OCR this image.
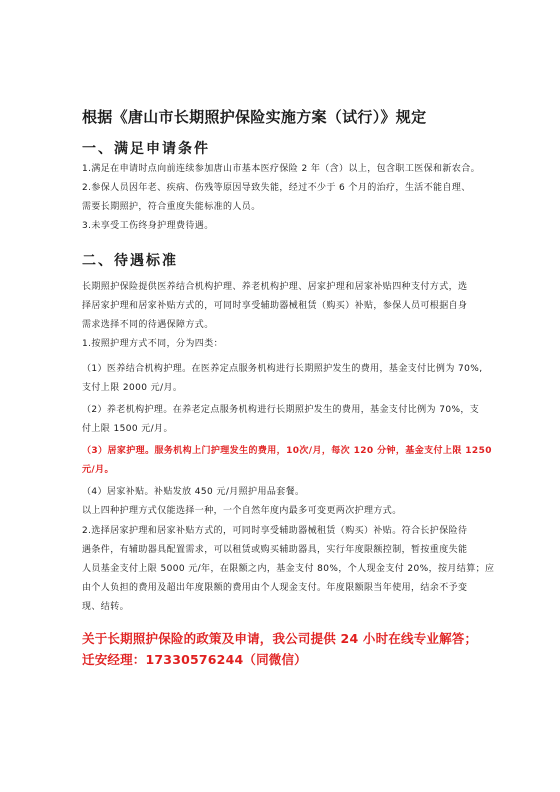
根据《唐山市长期照护保险实施方案（试行）》规定
一、满足申请条件
1.满足在申请时点向前连续参加唐山市基本医疗保险 2 年（含）以上，包含职工医保和新农合。
2.参保人员因年老、疾病、伤残等原因导致失能，经过不少于 6 个月的治疗，生活不能自理、
需要长期照护，符合重度失能标准的人员。
3.未享受工伤终身护理费待遇。
二、待遇标准
长期照护保险提供医养结合机构护理、养老机构护理、居家护理和居家补贴四种支付方式，选
择居家护理和居家补贴方式的，可同时享受辅助器械租赁（购买）补贴，参保人员可根据自身
需求选择不同的待遇保障方式。
1.按照护理方式不同，分为四类：
（1）医养结合机构护理。在医养定点服务机构进行长期照护发生的费用，基金支付比例为 70%,
支付上限 2000 元/月。
（2）养老机构护理。在养老定点服务机构进行长期照护发生的费用，基金支付比例为 70%，支
付上限 1500 元/月。
（3）居家护理。服务机构上门护理发生的费用，10次/月，每次 120 分钟，基金支付上限 1250
元/月。
（4）居家补贴。补贴发放 450 元/月照护用品套餐。
以上四种护理方式仅能选择一种，一个自然年度内最多可变更两次护理方式。
2.选择居家护理和居家补贴方式的，可同时享受辅助器械租赁（购买）补贴。符合长护保险待
遇条件，有辅助器具配置需求，可以租赁或购买辅助器具，实行年度限额控制，暂按重度失能
人员基金支付上限 5000 元/年，在限额之内，基金支付 80%，个人现金支付 20%，按月结算；应
由个人负担的费用及超出年度限额的费用由个人现金支付。年度限额限当年使用，结余不予变
现、结转。
关于长期照护保险的政策及申请，我公司提供 24 小时在线专业解答；
迁安经理：17330576244（同微信）
